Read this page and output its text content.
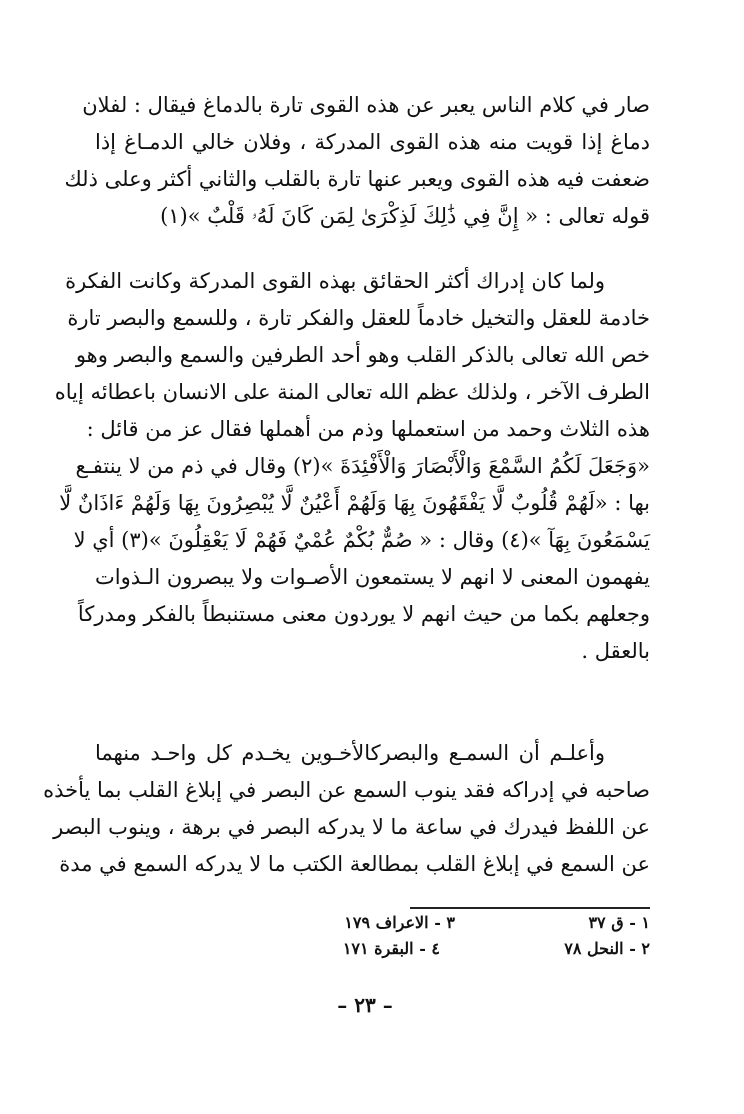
صار في كلام الناس يعبر عن هذه القوى تارة بالدماغ فيقال : لفلان
دماغ إذا قويت منه هذه القوى المدركة ، وفلان خالي الدمـاغ إذا
ضعفت فيه هذه القوى ويعبر عنها تارة بالقلب والثاني أكثر وعلى ذلك
قوله تعالى : « إِنَّ فِي ذَٰلِكَ لَذِكْرَىٰ لِمَن كَانَ لَهُۥ قَلْبٌ »(١)
ولما كان إدراك أكثر الحقائق بهذه القوى المدركة وكانت الفكرة
خادمة للعقل والتخيل خادماً للعقل والفكر تارة ، وللسمع والبصر تارة
خص الله تعالى بالذكر القلب وهو أحد الطرفين والسمع والبصر وهو
الطرف الآخر ، ولذلك عظم الله تعالى المنة على الانسان باعطائه إياه
هذه الثلاث وحمد من استعملها وذم من أهملها فقال عز من قائل :
«وَجَعَلَ لَكُمُ السَّمْعَ وَالْأَبْصَارَ وَالْأَفْئِدَةَ »(٢) وقال في ذم من لا ينتفـع
بها : «لَهُمْ قُلُوبٌ لَّا يَفْقَهُونَ بِهَا وَلَهُمْ أَعْيُنٌ لَّا يُبْصِرُونَ بِهَا وَلَهُمْ ءَاذَانٌ لَّا
يَسْمَعُونَ بِهَآ »(٤) وقال : « صُمٌّ بُكْمٌ عُمْيٌ فَهُمْ لَا يَعْقِلُونَ »(٣) أي لا
يفهمون المعنى لا انهم لا يستمعون الأصـوات ولا يبصرون الـذوات
وجعلهم بكما من حيث انهم لا يوردون معنى مستنبطاً بالفكر ومدركاً
بالعقل .
وأعلـم أن السمـع والبصركالأخـوين يخـدم كل واحـد منهما
صاحبه في إدراكه فقد ينوب السمع عن البصر في إبلاغ القلب بما يأخذه
عن اللفظ فيدرك في ساعة ما لا يدركه البصر في برهة ، وينوب البصر
عن السمع في إبلاغ القلب بمطالعة الكتب ما لا يدركه السمع في مدة
١ - ق ٣٧
٢ - النحل ٧٨
٣ - الاعراف ١٧٩
٤ - البقرة ١٧١
– ٢٣ –
